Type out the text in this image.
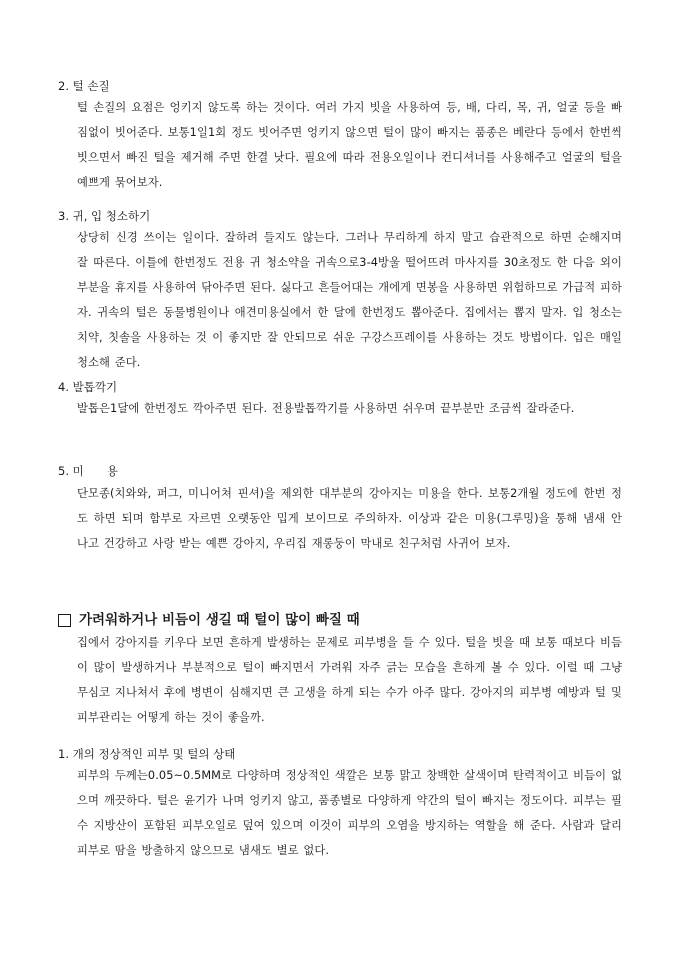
2. 털 손질
털 손질의 요점은 엉키지 않도록 하는 것이다. 여러 가지 빗을 사용하여 등, 배, 다리, 목, 귀, 얼굴 등을 빠짐없이 빗어준다. 보통1일1회 정도 빗어주면 엉키지 않으면 털이 많이 빠지는 품종은 베란다 등에서 한번씩 빗으면서 빠진 털을 제거해 주면 한결 낫다. 필요에 따라 전용오일이나 컨디셔너를 사용해주고 얼굴의 털을 예쁘게 묶어보자.
3. 귀, 입 청소하기
상당히 신경 쓰이는 일이다. 잘하려 들지도 않는다. 그러나 무리하게 하지 말고 습관적으로 하면 순해지며 잘 따른다. 이틀에 한번정도 전용 귀 청소약을 귀속으로3-4방울 떨어뜨려 마사지를 30초정도 한 다음 외이부분을 휴지를 사용하여 닦아주면 된다. 싫다고 흔들어대는 개에게 면봉을 사용하면 위험하므로 가급적 피하자. 귀속의 털은 동물병원이나 애견미용실에서 한 달에 한번정도 뽑아준다. 집에서는 뽑지 말자. 입 청소는 치약, 칫솔을 사용하는 것 이 좋지만 잘 안되므로 쉬운 구강스프레이를 사용하는 것도 방법이다. 입은 매일 청소해 준다.
4. 발톱깍기
발톱은1달에 한번정도 깍아주면 된다. 전용발톱깍기를 사용하면 쉬우며 끝부분만 조금씩 잘라준다.
5. 미　　용
단모종(치와와, 퍼그, 미니어쳐 핀셔)을 제외한 대부분의 강아지는 미용을 한다. 보통2개월 정도에 한번 정도 하면 되며 함부로 자르면 오랫동안 밉게 보이므로 주의하자. 이상과 같은 미용(그루밍)을 통해 냄새 안 나고 건강하고 사랑 받는 예쁜 강아지, 우리집 재롱둥이 막내로 친구처럼 사귀어 보자.
가려워하거나 비듬이 생길 때 털이 많이 빠질 때
집에서 강아지를 키우다 보면 흔하게 발생하는 문제로 피부병을 들 수 있다. 털을 빗을 때 보통 때보다 비듬이 많이 발생하거나 부분적으로 털이 빠지면서 가려워 자주 긁는 모습을 흔하게 볼 수 있다. 이럴 때 그냥 무심코 지나쳐서 후에 병변이 심해지면 큰 고생을 하게 되는 수가 아주 많다. 강아지의 피부병 예방과 털 및 피부관리는 어떻게 하는 것이 좋을까.
1. 개의 정상적인 피부 및 털의 상태
피부의 두께는0.05~0.5MM로 다양하며 정상적인 색깔은 보통 맑고 창백한 살색이며 탄력적이고 비듬이 없으며 깨끗하다. 털은 윤기가 나며 엉키지 않고, 품종별로 다양하게 약간의 털이 빠지는 정도이다. 피부는 필수 지방산이 포함된 피부오일로 덮여 있으며 이것이 피부의 오염을 방지하는 역할을 해 준다. 사람과 달리 피부로 땀을 방출하지 않으므로 냄새도 별로 없다.
